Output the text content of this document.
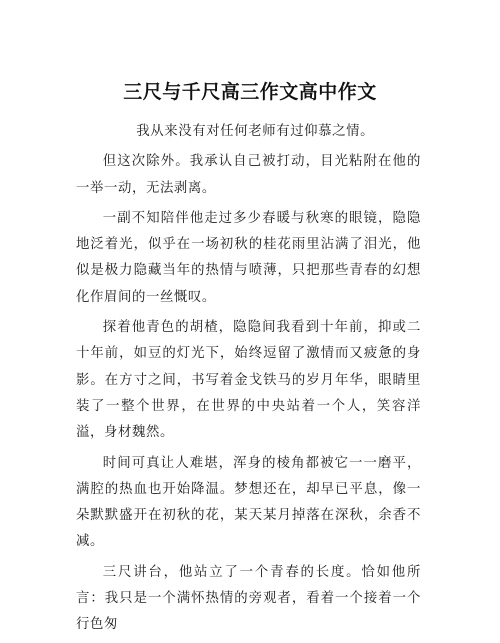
三尺与千尺高三作文高中作文

我从来没有对任何老师有过仰慕之情。

但这次除外。我承认自己被打动，目光粘附在他的一举一动，无法剥离。

一副不知陪伴他走过多少春暖与秋寒的眼镜，隐隐地泛着光，似乎在一场初秋的桂花雨里沾满了泪光，他似是极力隐藏当年的热情与喷薄，只把那些青春的幻想化作眉间的一丝慨叹。

探着他青色的胡楂，隐隐间我看到十年前，抑或二十年前，如豆的灯光下，始终逗留了激情而又疲惫的身影。在方寸之间，书写着金戈铁马的岁月年华，眼睛里装了一整个世界，在世界的中央站着一个人，笑容洋溢，身材魏然。

时间可真让人难堪，浑身的棱角都被它一一磨平，满腔的热血也开始降温。梦想还在，却早已平息，像一朵默默盛开在初秋的花，某天某月掉落在深秋，余香不减。

三尺讲台，他站立了一个青春的长度。恰如他所言：我只是一个满怀热情的旁观者，看着一个接着一个行色匆
